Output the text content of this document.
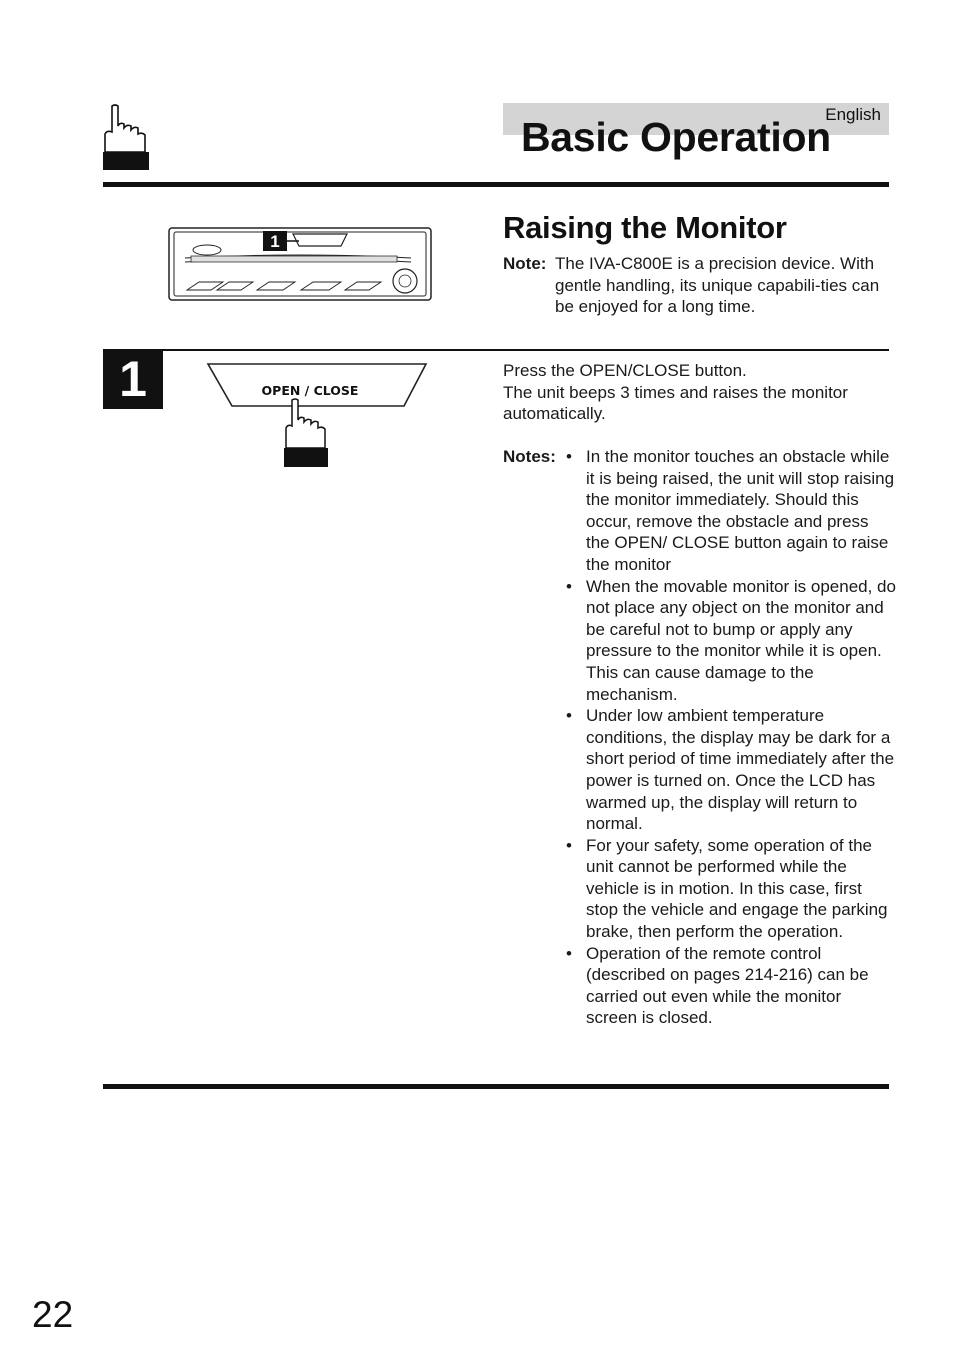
English
Basic Operation
1	Raising the Monitor
Note: The IVA-C800E is a precision device. With gentle handling, its unique capabili-ties can be enjoyed for a long time.
1	OPEN / CLOSE

Press the OPEN/CLOSE button.

The unit beeps 3 times and raises the monitor automatically.

Notes: • In the monitor touches an obstacle while it is being raised, the unit will stop raising the monitor immediately. Should this occur, remove the obstacle and press the OPEN/ CLOSE button again to raise the monitor
• When the movable monitor is opened, do not place any object on the monitor and be careful not to bump or apply any pressure to the monitor while it is open. This can cause damage to the mechanism.
• Under low ambient temperature conditions, the display may be dark for a short period of time immediately after the power is turned on. Once the LCD has warmed up, the display will return to normal.
• For your safety, some operation of the unit cannot be performed while the vehicle is in motion. In this case, first stop the vehicle and engage the parking brake, then perform the operation.
• Operation of the remote control (described on pages 214-216) can be carried out even while the monitor screen is closed.
22
